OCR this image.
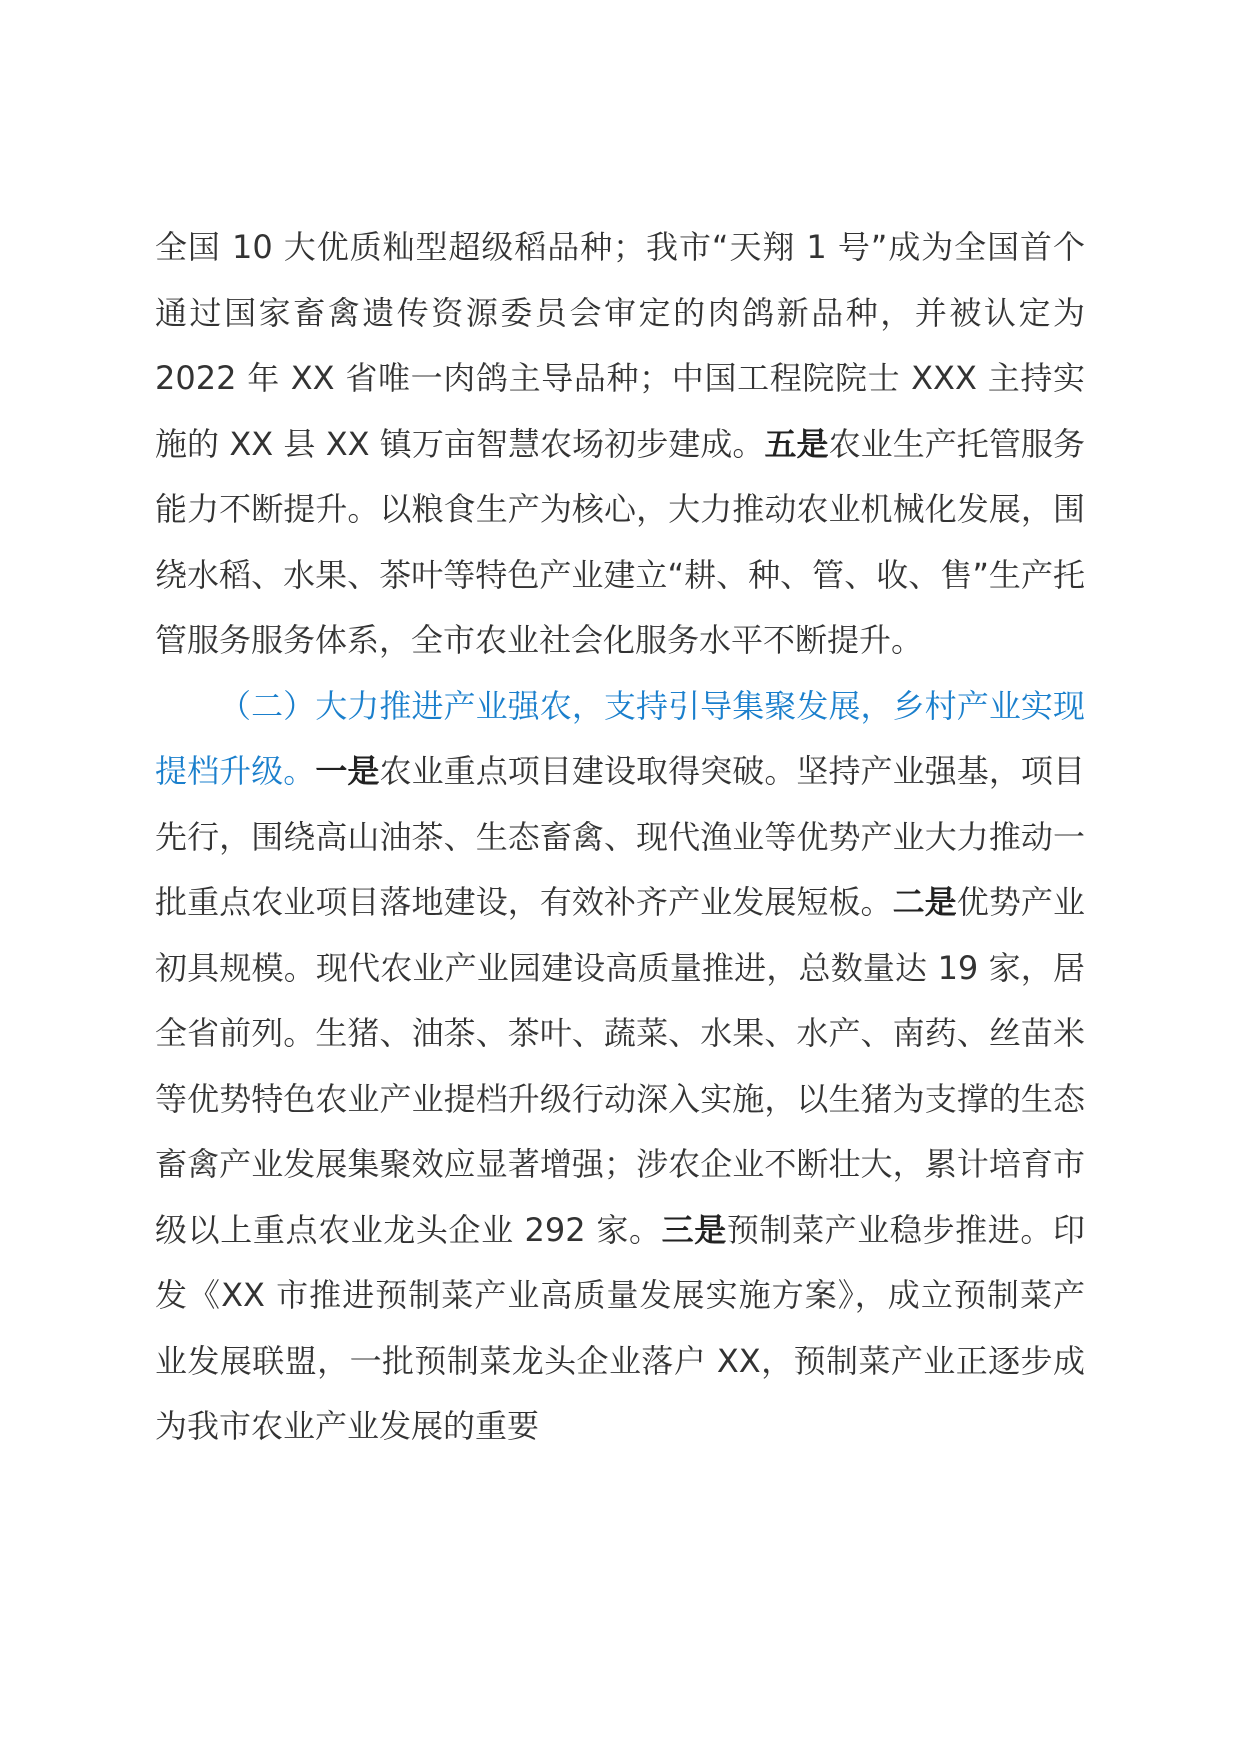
全国 10 大优质籼型超级稻品种；我市“天翔 1 号”成为全国首个通过国家畜禽遗传资源委员会审定的肉鸽新品种，并被认定为 2022 年 XX 省唯一肉鸽主导品种；中国工程院院士 XXX 主持实施的 XX 县 XX 镇万亩智慧农场初步建成。五是农业生产托管服务能力不断提升。以粮食生产为核心，大力推动农业机械化发展，围绕水稻、水果、茶叶等特色产业建立“耕、种、管、收、售”生产托管服务服务体系，全市农业社会化服务水平不断提升。

（二）大力推进产业强农，支持引导集聚发展，乡村产业实现提档升级。一是农业重点项目建设取得突破。坚持产业强基，项目先行，围绕高山油茶、生态畜禽、现代渔业等优势产业大力推动一批重点农业项目落地建设，有效补齐产业发展短板。二是优势产业初具规模。现代农业产业园建设高质量推进，总数量达 19 家，居全省前列。生猪、油茶、茶叶、蔬菜、水果、水产、南药、丝苗米等优势特色农业产业提档升级行动深入实施，以生猪为支撑的生态畜禽产业发展集聚效应显著增强；涉农企业不断壮大，累计培育市级以上重点农业龙头企业 292 家。三是预制菜产业稳步推进。印发《XX 市推进预制菜产业高质量发展实施方案》，成立预制菜产业发展联盟，一批预制菜龙头企业落户 XX，预制菜产业正逐步成为我市农业产业发展的重要
